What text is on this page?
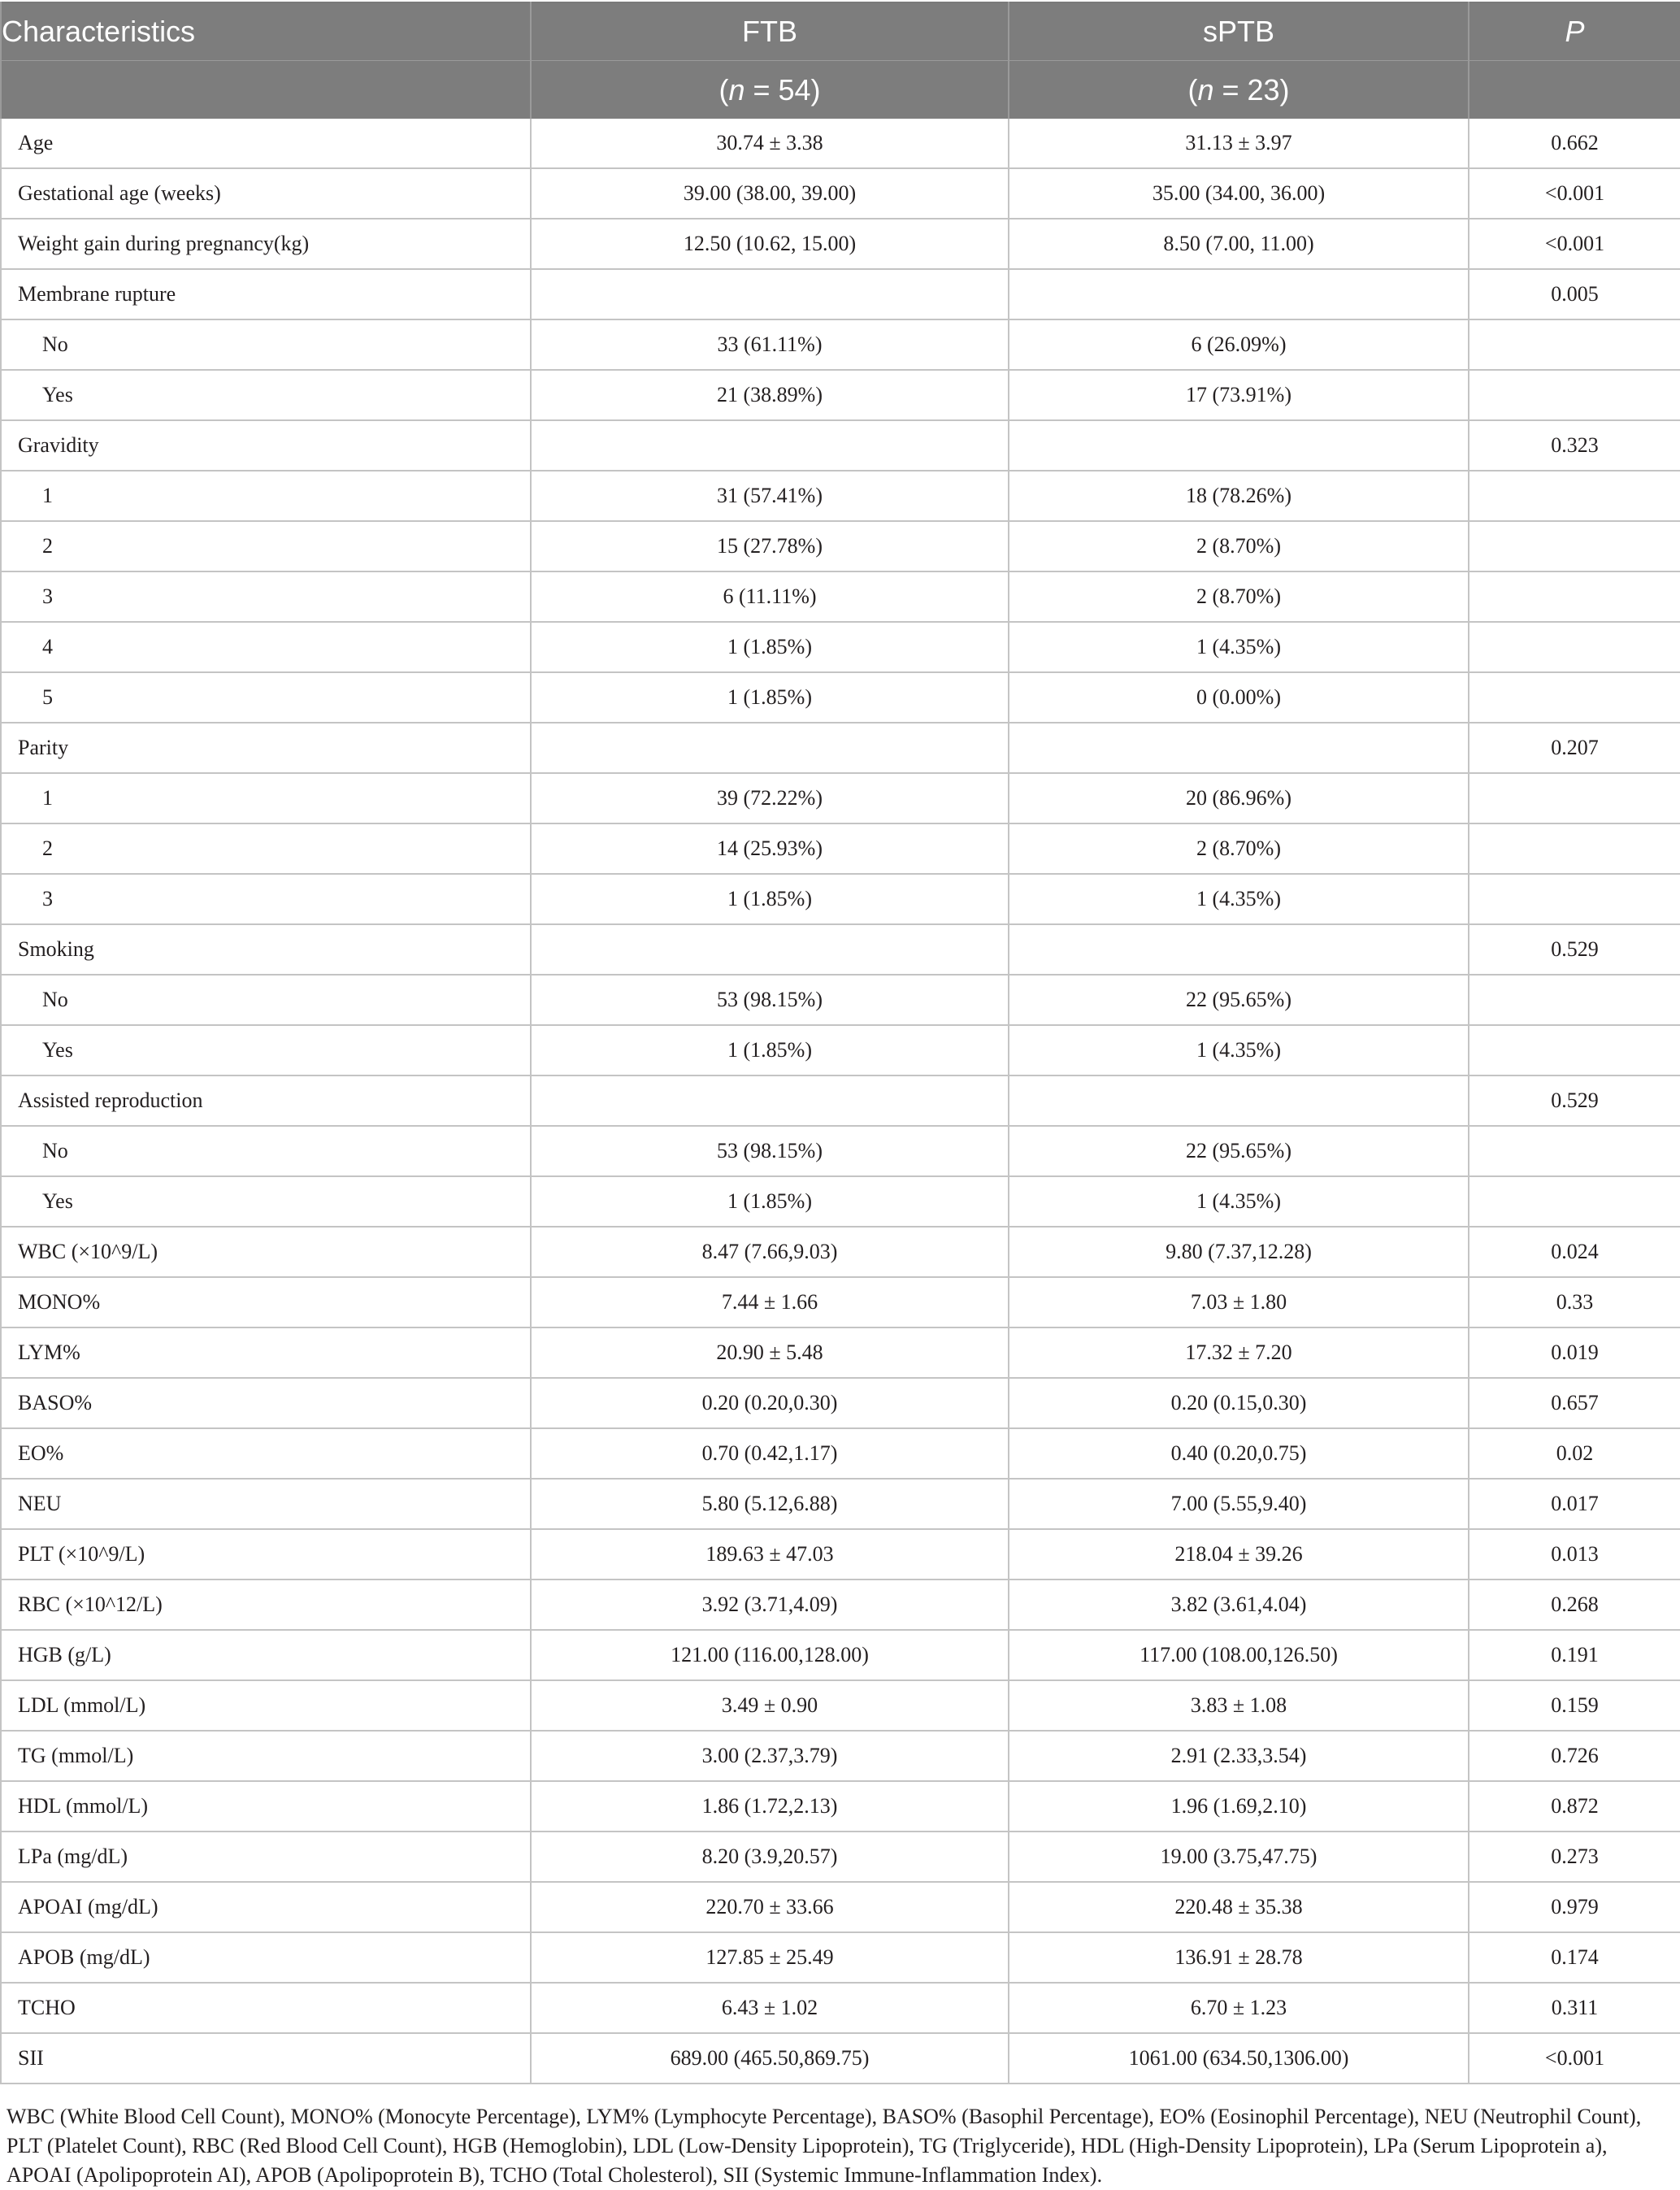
Characteristics	FTB	sPTB	P
	(n = 54)	(n = 23)	
Age	30.74 ± 3.38	31.13 ± 3.97	0.662
Gestational age (weeks)	39.00 (38.00, 39.00)	35.00 (34.00, 36.00)	<0.001
Weight gain during pregnancy(kg)	12.50 (10.62, 15.00)	8.50 (7.00, 11.00)	<0.001
Membrane rupture			0.005
No	33 (61.11%)	6 (26.09%)	
Yes	21 (38.89%)	17 (73.91%)	
Gravidity			0.323
1	31 (57.41%)	18 (78.26%)	
2	15 (27.78%)	2 (8.70%)	
3	6 (11.11%)	2 (8.70%)	
4	1 (1.85%)	1 (4.35%)	
5	1 (1.85%)	0 (0.00%)	
Parity			0.207
1	39 (72.22%)	20 (86.96%)	
2	14 (25.93%)	2 (8.70%)	
3	1 (1.85%)	1 (4.35%)	
Smoking			0.529
No	53 (98.15%)	22 (95.65%)	
Yes	1 (1.85%)	1 (4.35%)	
Assisted reproduction			0.529
No	53 (98.15%)	22 (95.65%)	
Yes	1 (1.85%)	1 (4.35%)	
WBC (×10^9/L)	8.47 (7.66,9.03)	9.80 (7.37,12.28)	0.024
MONO%	7.44 ± 1.66	7.03 ± 1.80	0.33
LYM%	20.90 ± 5.48	17.32 ± 7.20	0.019
BASO%	0.20 (0.20,0.30)	0.20 (0.15,0.30)	0.657
EO%	0.70 (0.42,1.17)	0.40 (0.20,0.75)	0.02
NEU	5.80 (5.12,6.88)	7.00 (5.55,9.40)	0.017
PLT (×10^9/L)	189.63 ± 47.03	218.04 ± 39.26	0.013
RBC (×10^12/L)	3.92 (3.71,4.09)	3.82 (3.61,4.04)	0.268
HGB (g/L)	121.00 (116.00,128.00)	117.00 (108.00,126.50)	0.191
LDL (mmol/L)	3.49 ± 0.90	3.83 ± 1.08	0.159
TG (mmol/L)	3.00 (2.37,3.79)	2.91 (2.33,3.54)	0.726
HDL (mmol/L)	1.86 (1.72,2.13)	1.96 (1.69,2.10)	0.872
LPa (mg/dL)	8.20 (3.9,20.57)	19.00 (3.75,47.75)	0.273
APOAI (mg/dL)	220.70 ± 33.66	220.48 ± 35.38	0.979
APOB (mg/dL)	127.85 ± 25.49	136.91 ± 28.78	0.174
TCHO	6.43 ± 1.02	6.70 ± 1.23	0.311
SII	689.00 (465.50,869.75)	1061.00 (634.50,1306.00)	<0.001

WBC (White Blood Cell Count), MONO% (Monocyte Percentage), LYM% (Lymphocyte Percentage), BASO% (Basophil Percentage), EO% (Eosinophil Percentage), NEU (Neutrophil Count), PLT (Platelet Count), RBC (Red Blood Cell Count), HGB (Hemoglobin), LDL (Low-Density Lipoprotein), TG (Triglyceride), HDL (High-Density Lipoprotein), LPa (Serum Lipoprotein a), APOAI (Apolipoprotein AI), APOB (Apolipoprotein B), TCHO (Total Cholesterol), SII (Systemic Immune-Inflammation Index).
